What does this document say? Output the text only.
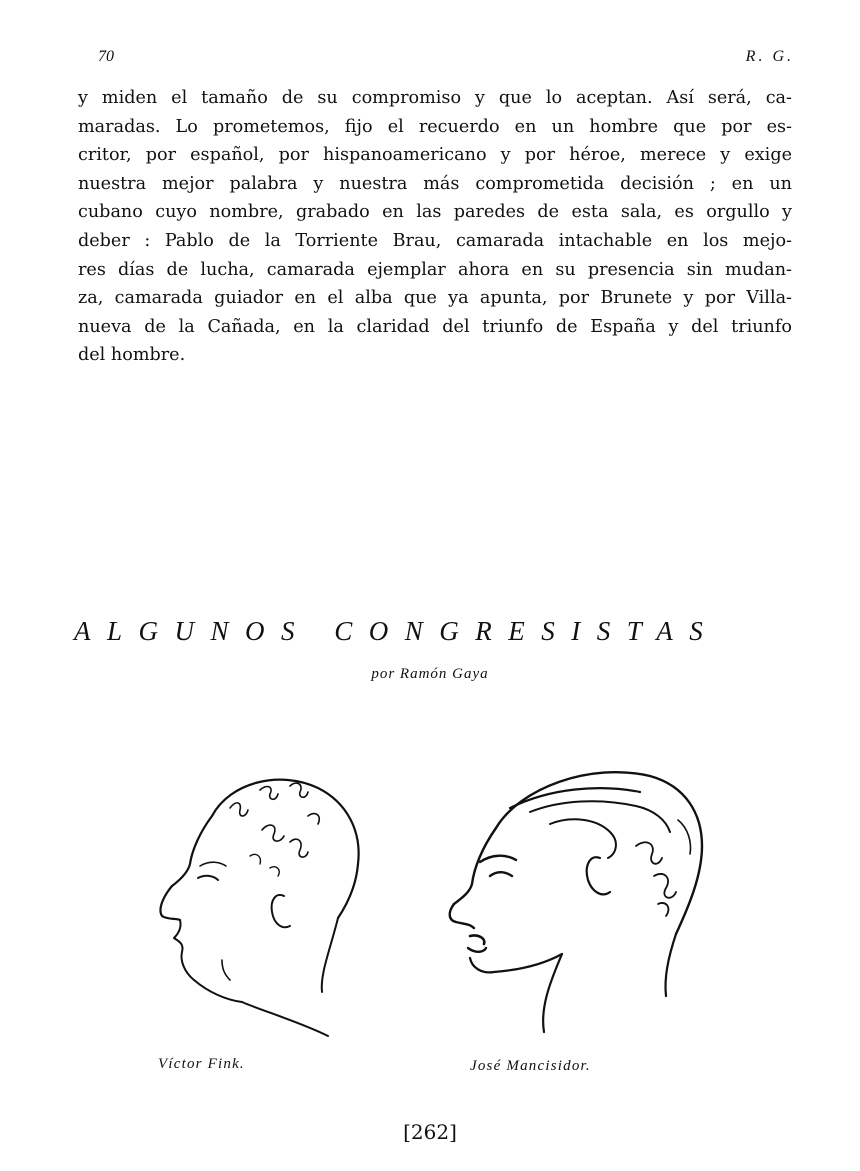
70	R. G.
y miden el tamaño de su compromiso y que lo aceptan. Así será, ca-
maradas. Lo prometemos, fijo el recuerdo en un hombre que por es-
critor, por español, por hispanoamericano y por héroe, merece y exige
nuestra mejor palabra y nuestra más comprometida decisión ; en un
cubano cuyo nombre, grabado en las paredes de esta sala, es orgullo y
deber : Pablo de la Torriente Brau, camarada intachable en los mejo-
res días de lucha, camarada ejemplar ahora en su presencia sin mudan-
za, camarada guiador en el alba que ya apunta, por Brunete y por Villa-
nueva de la Cañada, en la claridad del triunfo de España y del triunfo
del hombre.
ALGUNOS CONGRESISTAS
por Ramón Gaya
Víctor Fink.	José Mancisidor.
[262]
